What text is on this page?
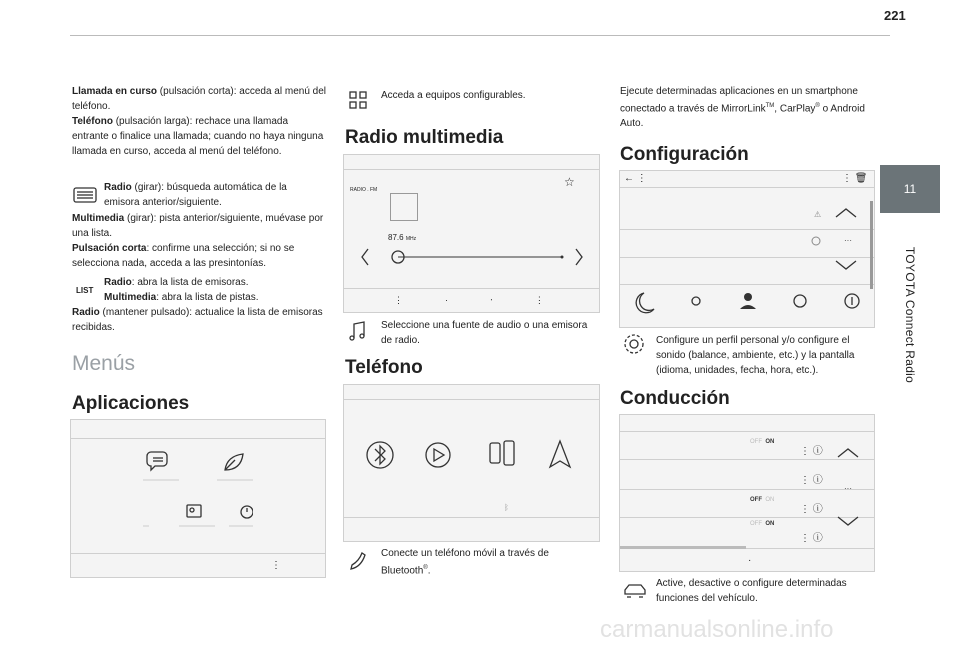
221
11
TOYOTA Connect Radio
Llamada en curso (pulsación corta): acceda al menú del teléfono.
Teléfono (pulsación larga): rechace una llamada entrante o finalice una llamada; cuando no haya ninguna llamada en curso, acceda al menú del teléfono.
Radio (girar): búsqueda automática de la emisora anterior/siguiente.
Multimedia (girar): pista anterior/siguiente, muévase por una lista.
Pulsación corta: confirme una selección; si no se selecciona nada, acceda a las presintonías.
LIST
Radio: abra la lista de emisoras.
Multimedia: abra la lista de pistas.
Radio (mantener pulsado): actualice la lista de emisoras recibidas.
Menús
Aplicaciones
⋮
Acceda a equipos configurables.
Radio multimedia
RADIO . FM
☆
87.6 MHz
⋮·‧⋮
Seleccione una fuente de audio o una emisora de radio.
Teléfono
ᛒ
Conecte un teléfono móvil a través de Bluetooth®.
Ejecute determinadas aplicaciones en un smartphone conectado a través de MirrorLink™, CarPlay® o Android Auto.
Configuración
← ⋮	⋮ 🗑
···
⚠
Configure un perfil personal y/o configure el sonido (balance, ambiente, etc.) y la pantalla (idioma, unidades, fecha, hora, etc.).
Conducción
OFF ON
OFF ON
OFF ON
⋮ ⓘ
⋮ ⓘ
⋮ ⓘ
⋮ ⓘ
···
·
Active, desactive o configure determinadas funciones del vehículo.
carmanualsonline.info
